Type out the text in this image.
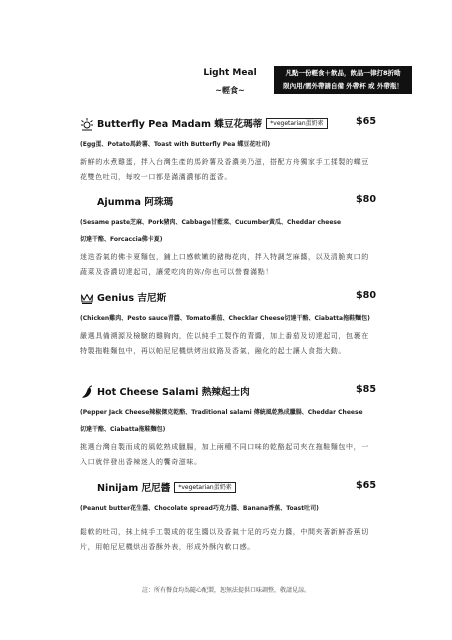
Light Meal
~輕食~
凡點一份輕食＋飲品，飲品一律打8折呦
限內用/需外帶請自備 外帶杯 或 外帶瓶！
Butterfly Pea Madam 蝶豆花瑪蒂 *vegetarian蛋奶素	$65
(Egg蛋、Potato馬鈴薯、Toast with Butterfly Pea 蝶豆花吐司)
新鮮的水煮雞蛋，拌入台灣生產的馬鈴薯及香濃美乃滋，搭配方舟獨家手工揉製的蝶豆花雙色吐司，每咬一口都是滿滿濃郁的蛋香。
Ajumma 阿珠瑪	$80
(Sesame paste芝麻、Pork豬肉、Cabbage甘藍菜、Cucumber黃瓜、Cheddar cheese
切達干酪、Forcaccia佛卡夏)
迷迭香氣的佛卡夏麵包，鋪上口感軟嫩的豬梅花肉，拌入特調芝麻醬，以及清脆爽口的蔬菜及香濃切達起司，讓愛吃肉的妳/你也可以營養滿點！
Genius 吉尼斯	$80
(Chicken雞肉、Pesto sauce青醬、Tomato番茄、Checklar Cheese切達干酪、Ciabatta拖鞋麵包)
嚴選具備溯源及檢驗的雞胸肉，佐以純手工製作的青醬，加上番茄及切達起司，包裹在特製拖鞋麵包中，再以帕尼尼機烘烤出紋路及香氣，融化的起士讓人食指大動。
Hot Cheese Salami 熱辣起士肉	$85
(Pepper Jack Cheese辣椒傑克乾酪、Traditional salami 傳統風乾熟成臘腸、Cheddar Cheese
切達干酪、Ciabatta拖鞋麵包)
挑選台灣自製而成的風乾熟成臘腸，加上兩種不同口味的乾酪起司夾在拖鞋麵包中，一入口就伴發出香辣迷人的饗奇滋味。
Ninijam 尼尼醬 *vegetarian蛋奶素	$65
(Peanut butter花生醬、Chocolate spread巧克力醬、Banana香蕉、Toast吐司)
鬆軟的吐司，抹上純手工製成的花生醬以及香氣十足的巧克力醬，中間夾著新鮮香蕉切片，用帕尼尼機烘出香酥外表，形成外酥內軟口感。
註：所有餐食均為隨心配製，恕無法提供口味調整，敬請見諒。
